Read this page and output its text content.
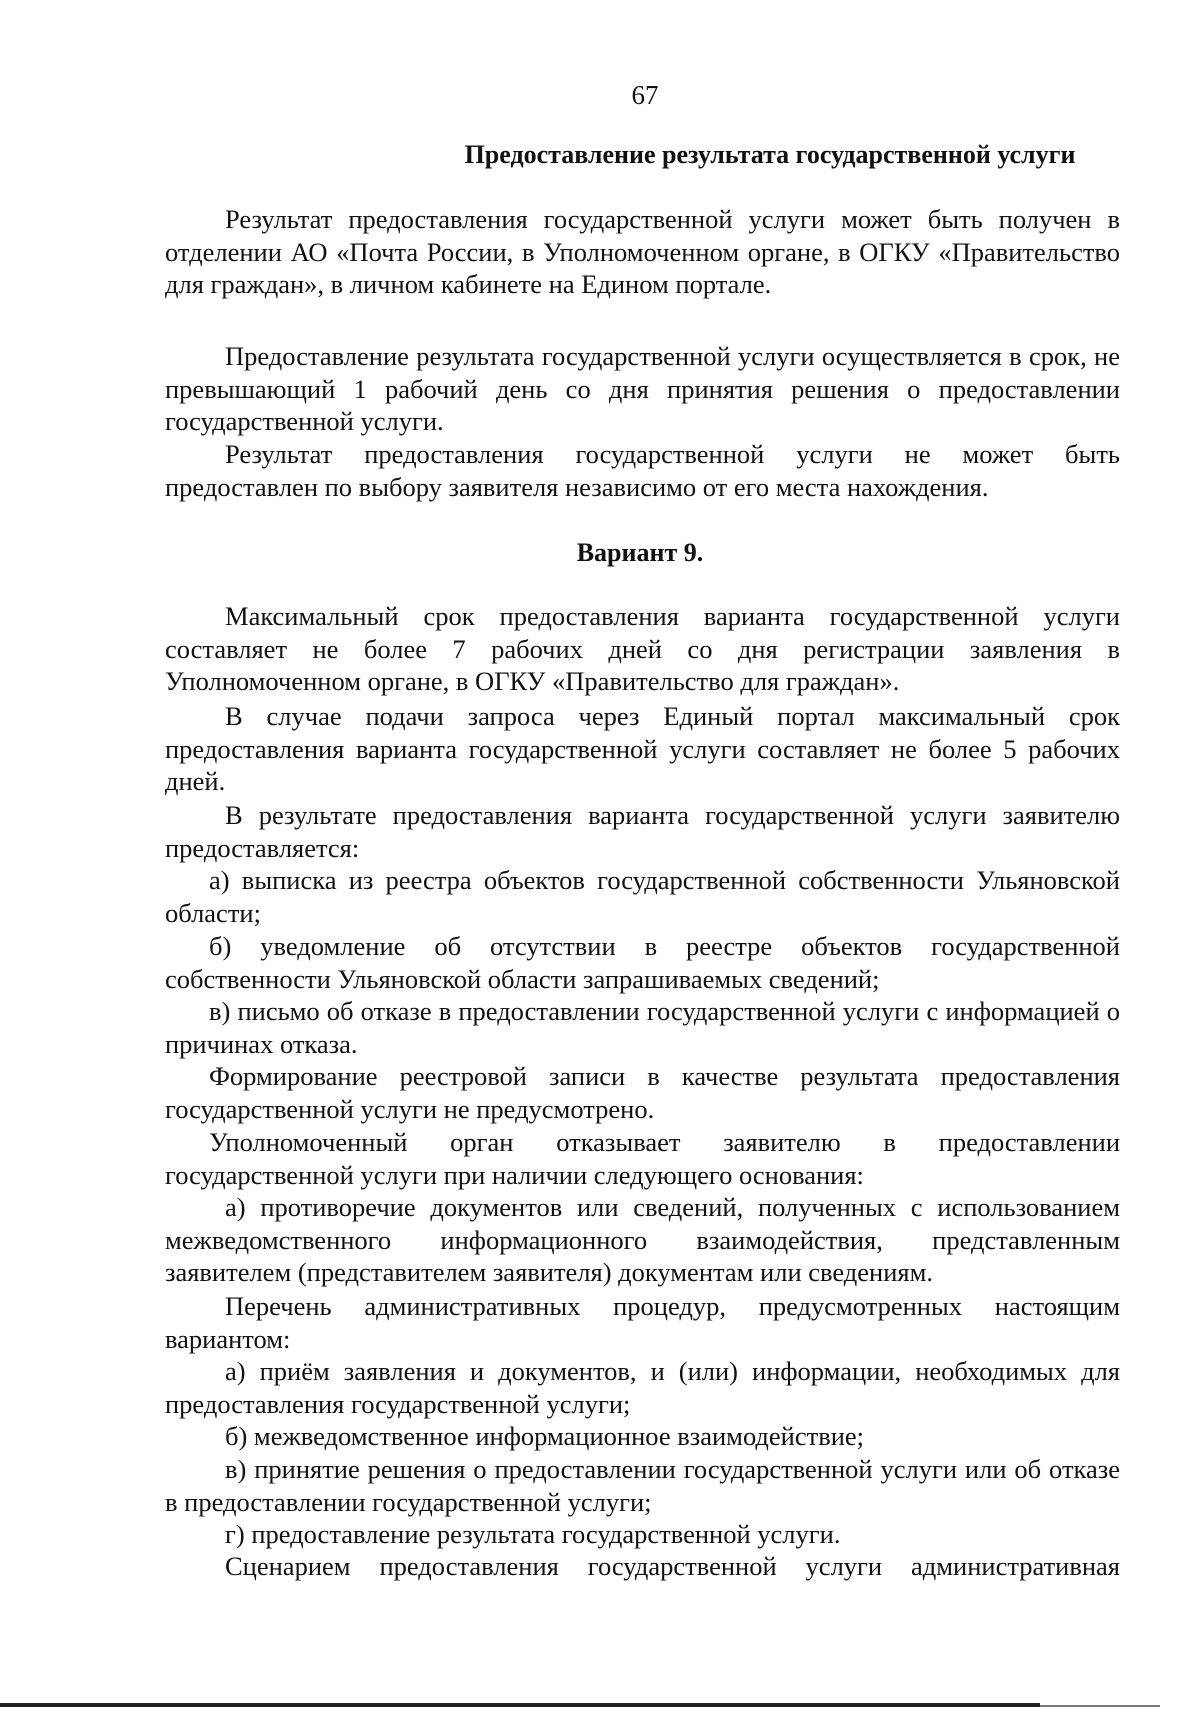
67
Предоставление результата государственной услуги
Результат предоставления государственной услуги может быть получен в отделении АО «Почта России, в Уполномоченном органе, в ОГКУ «Правительство для граждан», в личном кабинете на Едином портале.
Предоставление результата государственной услуги осуществляется в срок, не превышающий 1 рабочий день со дня принятия решения о предоставлении государственной услуги.
Результат предоставления государственной услуги не может быть предоставлен по выбору заявителя независимо от его места нахождения.
Вариант 9.
Максимальный срок предоставления варианта государственной услуги составляет не более 7 рабочих дней со дня регистрации заявления в Уполномоченном органе, в ОГКУ «Правительство для граждан».
В случае подачи запроса через Единый портал максимальный срок предоставления варианта государственной услуги составляет не более 5 рабочих дней.
В результате предоставления варианта государственной услуги заявителю предоставляется:
а) выписка из реестра объектов государственной собственности Ульяновской области;
б) уведомление об отсутствии в реестре объектов государственной собственности Ульяновской области запрашиваемых сведений;
в) письмо об отказе в предоставлении государственной услуги с информацией о причинах отказа.
Формирование реестровой записи в качестве результата предоставления государственной услуги не предусмотрено.
Уполномоченный орган отказывает заявителю в предоставлении государственной услуги при наличии следующего основания:
а) противоречие документов или сведений, полученных с использованием межведомственного информационного взаимодействия, представленным заявителем (представителем заявителя) документам или сведениям.
Перечень административных процедур, предусмотренных настоящим вариантом:
а) приём заявления и документов, и (или) информации, необходимых для предоставления государственной услуги;
б) межведомственное информационное взаимодействие;
в) принятие решения о предоставлении государственной услуги или об отказе в предоставлении государственной услуги;
г) предоставление результата государственной услуги.
Сценарием предоставления государственной услуги административная
